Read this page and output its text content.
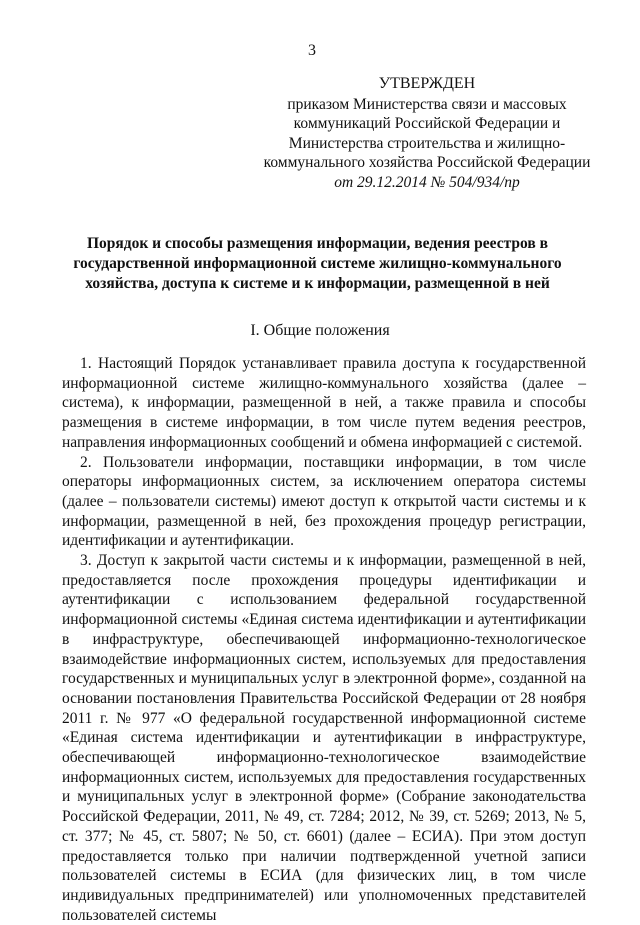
3
УТВЕРЖДЕН
приказом Министерства связи и массовых
коммуникаций Российской Федерации и
Министерства строительства и жилищно-
коммунального хозяйства Российской Федерации
от 29.12.2014 № 504/934/пр
Порядок и способы размещения информации, ведения реестров в государственной информационной системе жилищно-коммунального хозяйства, доступа к системе и к информации, размещенной в ней
I. Общие положения

1. Настоящий Порядок устанавливает правила доступа к государственной информационной системе жилищно-коммунального хозяйства (далее – система), к информации, размещенной в ней, а также правила и способы размещения в системе информации, в том числе путем ведения реестров, направления информационных сообщений и обмена информацией с системой.

2. Пользователи информации, поставщики информации, в том числе операторы информационных систем, за исключением оператора системы (далее – пользователи системы) имеют доступ к открытой части системы и к информации, размещенной в ней, без прохождения процедур регистрации, идентификации и аутентификации.

3. Доступ к закрытой части системы и к информации, размещенной в ней, предоставляется после прохождения процедуры идентификации и аутентификации с использованием федеральной государственной информационной системы «Единая система идентификации и аутентификации в инфраструктуре, обеспечивающей информационно-технологическое взаимодействие информационных систем, используемых для предоставления государственных и муниципальных услуг в электронной форме», созданной на основании постановления Правительства Российской Федерации от 28 ноября 2011 г. № 977 «О федеральной государственной информационной системе «Единая система идентификации и аутентификации в инфраструктуре, обеспечивающей информационно-технологическое взаимодействие информационных систем, используемых для предоставления государственных и муниципальных услуг в электронной форме» (Собрание законодательства Российской Федерации, 2011, № 49, ст. 7284; 2012, № 39, ст. 5269; 2013, № 5, ст. 377; № 45, ст. 5807; № 50, ст. 6601) (далее – ЕСИА). При этом доступ предоставляется только при наличии подтвержденной учетной записи пользователей системы в ЕСИА (для физических лиц, в том числе индивидуальных предпринимателей) или уполномоченных представителей пользователей системы
